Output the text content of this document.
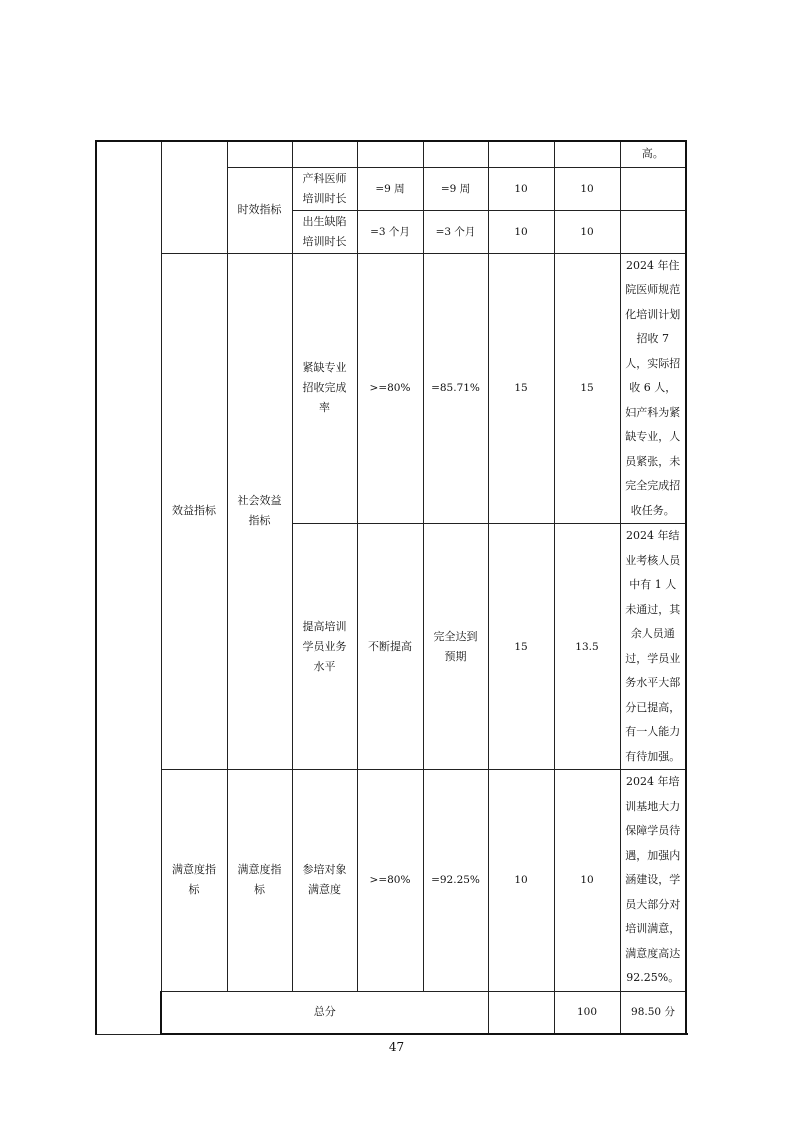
								高。	
		时效指标	产科医师培训时长	=9 周	=9 周	10	10		
			出生缺陷培训时长	=3 个月	=3 个月	10	10		
	效益指标	社会效益指标	紧缺专业招收完成率	>=80%	=85.71%	15	15	2024 年住院医师规范化培训计划招收 7 人，实际招收 6 人，妇产科为紧缺专业，人员紧张，未完全完成招收任务。	
			提高培训学员业务水平	不断提高	完全达到预期	15	13.5	2024 年结业考核人员中有 1 人未通过，其余人员通过，学员业务水平大部分已提高，有一人能力有待加强。	
	满意度指标	满意度指标	参培对象满意度	>=80%	=92.25%	10	10	2024 年培训基地大力保障学员待遇，加强内涵建设，学员大部分对培训满意，满意度高达 92.25%。	
	总分						100	98.50 分	
47
